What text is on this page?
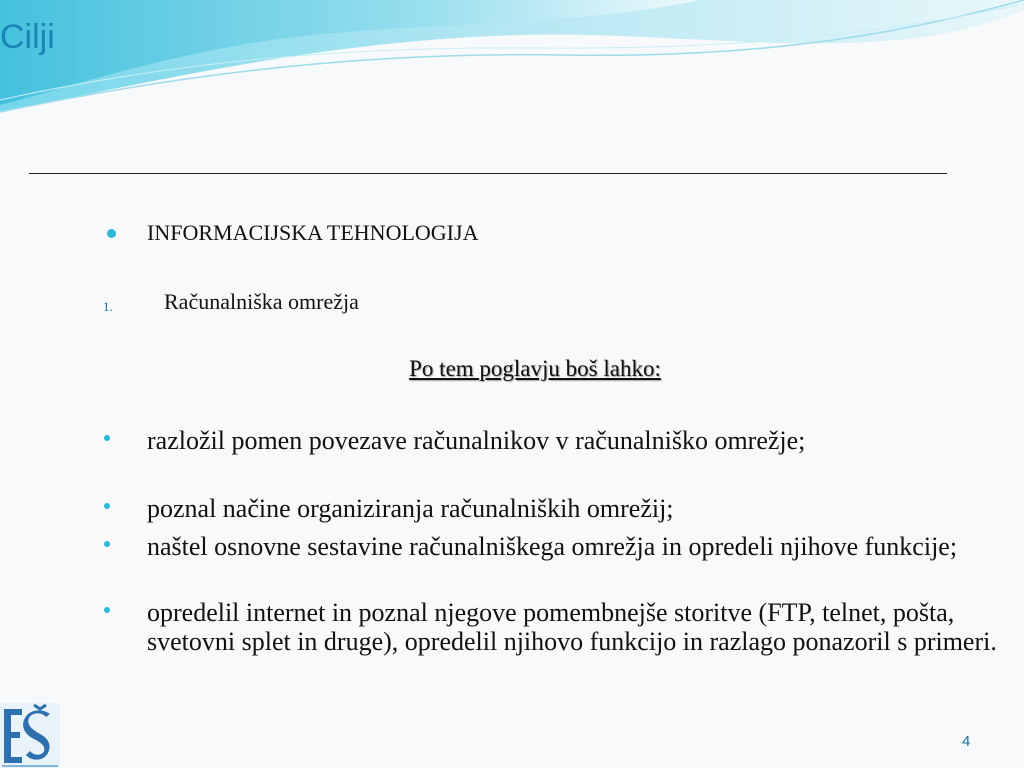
Cilji
INFORMACIJSKA TEHNOLOGIJA
1. Računalniška omrežja
Po tem poglavju boš lahko:
razložil pomen povezave računalnikov v računalniško omrežje;
poznal načine organiziranja računalniških omrežij;
naštel osnovne sestavine računalniškega omrežja in opredeli njihove funkcije;
opredelil internet in poznal njegove pomembnejše storitve (FTP, telnet, pošta, svetovni splet in druge), opredelil njihovo funkcijo in razlago ponazoril s primeri.
4
